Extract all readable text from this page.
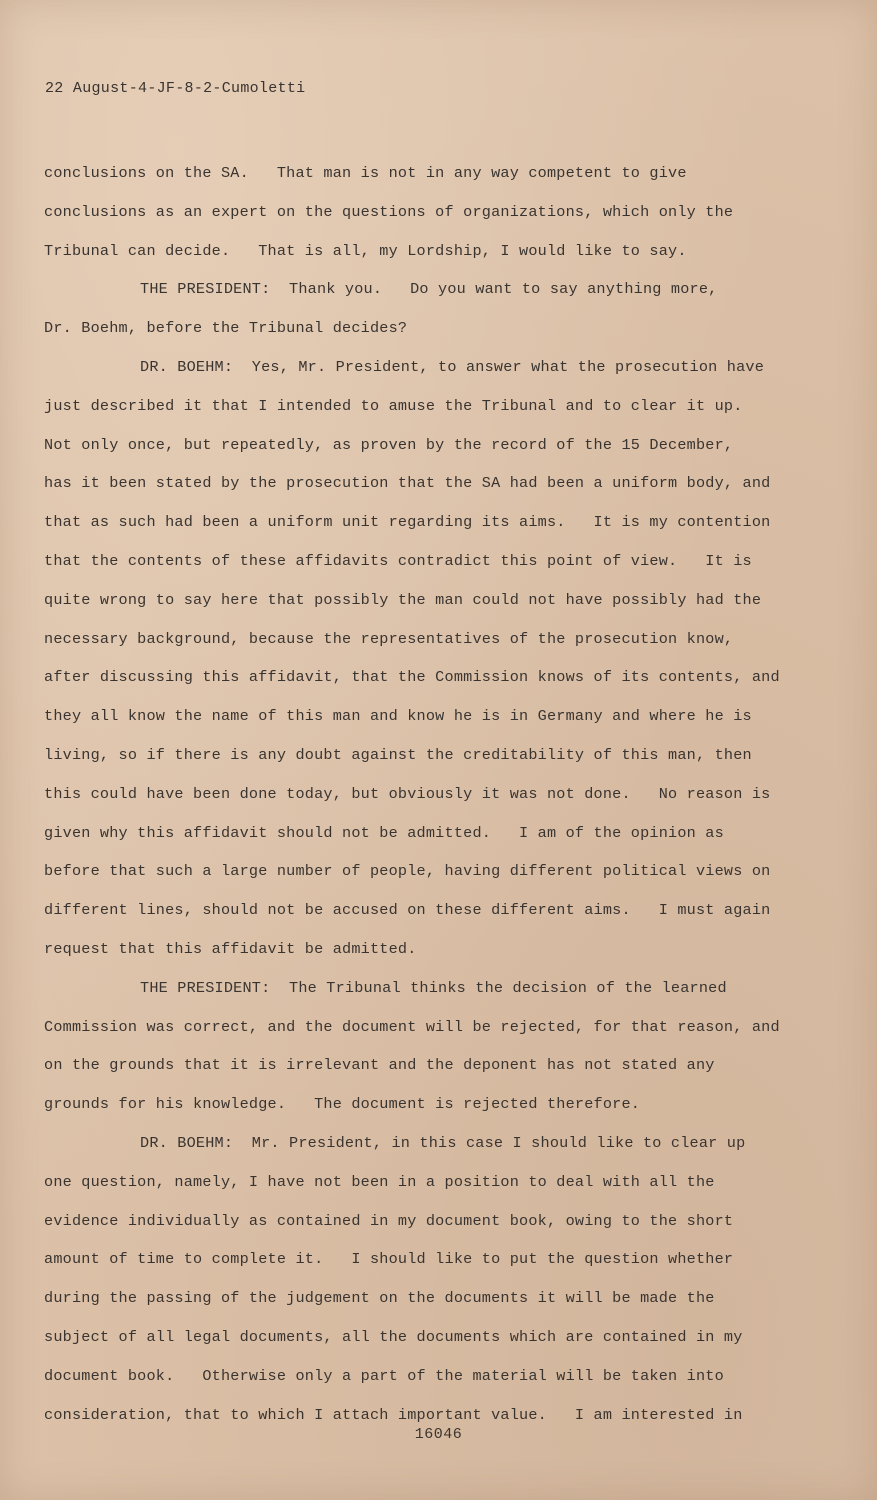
22 August-4-JF-8-2-Cumoletti
conclusions on the SA.   That man is not in any way competent to give
conclusions as an expert on the questions of organizations, which only the
Tribunal can decide.   That is all, my Lordship, I would like to say.
THE PRESIDENT:  Thank you.   Do you want to say anything more,
Dr. Boehm, before the Tribunal decides?
DR. BOEHM:  Yes, Mr. President, to answer what the prosecution have
just described it that I intended to amuse the Tribunal and to clear it up.
Not only once, but repeatedly, as proven by the record of the 15 December,
has it been stated by the prosecution that the SA had been a uniform body, and
that as such had been a uniform unit regarding its aims.   It is my contention
that the contents of these affidavits contradict this point of view.   It is
quite wrong to say here that possibly the man could not have possibly had the
necessary background, because the representatives of the prosecution know,
after discussing this affidavit, that the Commission knows of its contents, and
they all know the name of this man and know he is in Germany and where he is
living, so if there is any doubt against the creditability of this man, then
this could have been done today, but obviously it was not done.   No reason is
given why this affidavit should not be admitted.   I am of the opinion as
before that such a large number of people, having different political views on
different lines, should not be accused on these different aims.   I must again
request that this affidavit be admitted.
THE PRESIDENT:  The Tribunal thinks the decision of the learned
Commission was correct, and the document will be rejected, for that reason, and
on the grounds that it is irrelevant and the deponent has not stated any
grounds for his knowledge.   The document is rejected therefore.
DR. BOEHM:  Mr. President, in this case I should like to clear up
one question, namely, I have not been in a position to deal with all the
evidence individually as contained in my document book, owing to the short
amount of time to complete it.   I should like to put the question whether
during the passing of the judgement on the documents it will be made the
subject of all legal documents, all the documents which are contained in my
document book.   Otherwise only a part of the material will be taken into
consideration, that to which I attach important value.   I am interested in
16046
